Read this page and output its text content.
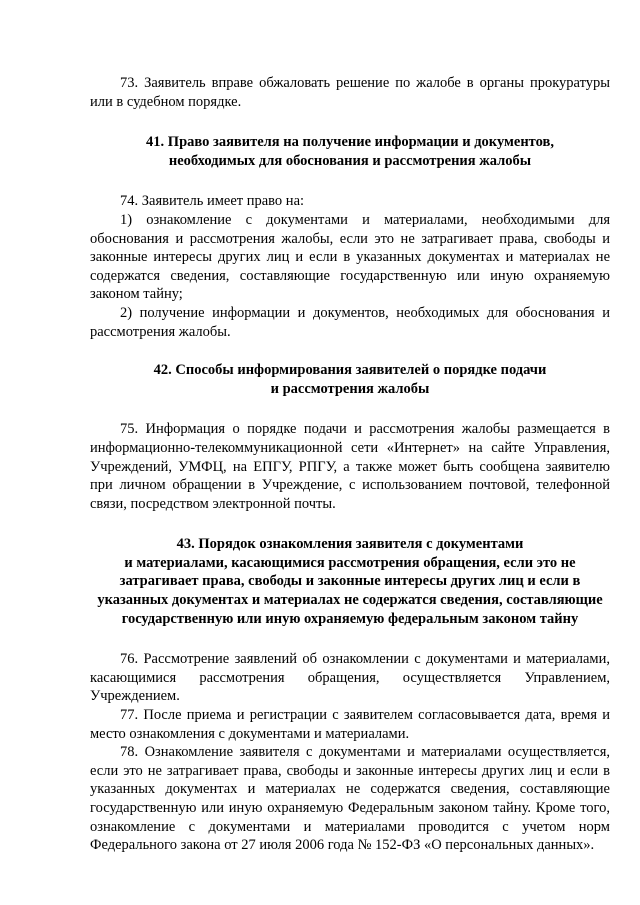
73. Заявитель вправе обжаловать решение по жалобе в органы прокуратуры или в судебном порядке.

41. Право заявителя на получение информации и документов,

необходимых для обоснования и рассмотрения жалобы

74. Заявитель имеет право на:

1) ознакомление с документами и материалами, необходимыми для обоснования и рассмотрения жалобы, если это не затрагивает права, свободы и законные интересы других лиц и если в указанных документах и материалах не содержатся сведения, составляющие государственную или иную охраняемую законом тайну;

2) получение информации и документов, необходимых для обоснования и рассмотрения жалобы.

42. Способы информирования заявителей о порядке подачи

и рассмотрения жалобы

75. Информация о порядке подачи и рассмотрения жалобы размещается в информационно-телекоммуникационной сети «Интернет» на сайте Управления, Учреждений, УМФЦ, на ЕПГУ, РПГУ, а также может быть сообщена заявителю при личном обращении в Учреждение, с использованием почтовой, телефонной связи, посредством электронной почты.

43. Порядок ознакомления заявителя с документами

и материалами, касающимися рассмотрения обращения, если это не

затрагивает права, свободы и законные интересы других лиц и если в

указанных документах и материалах не содержатся сведения, составляющие

государственную или иную охраняемую федеральным законом тайну

76. Рассмотрение заявлений об ознакомлении с документами и материалами, касающимися рассмотрения обращения, осуществляется Управлением, Учреждением.

77. После приема и регистрации с заявителем согласовывается дата, время и место ознакомления с документами и материалами.

78. Ознакомление заявителя с документами и материалами осуществляется, если это не затрагивает права, свободы и законные интересы других лиц и если в указанных документах и материалах не содержатся сведения, составляющие государственную или иную охраняемую Федеральным законом тайну. Кроме того, ознакомление с документами и материалами проводится с учетом норм Федерального закона от 27 июля 2006 года № 152-ФЗ «О персональных данных».
